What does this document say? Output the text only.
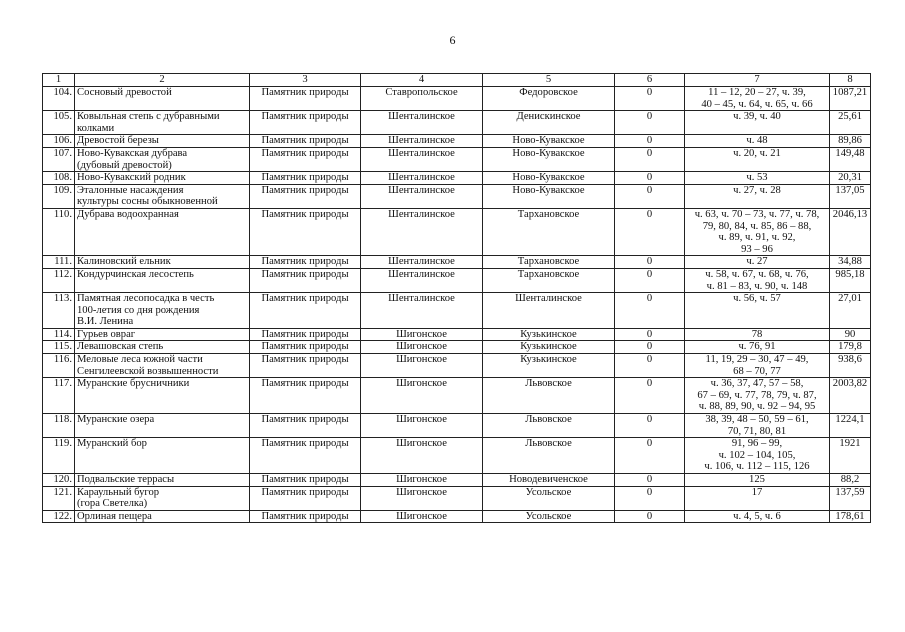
6
1	2	3	4	5	6	7	8
104.	Сосновый древостой	Памятник природы	Ставропольское	Федоровское	0	11 – 12, 20 – 27, ч. 39,
40 – 45, ч. 64, ч. 65, ч. 66	1087,21
105.	Ковыльная степь с дубравными
колками	Памятник природы	Шенталинское	Денискинское	0	ч. 39, ч. 40	25,61
106.	Древостой березы	Памятник природы	Шенталинское	Ново-Кувакское	0	ч. 48	89,86
107.	Ново-Кувакская дубрава
(дубовый древостой)	Памятник природы	Шенталинское	Ново-Кувакское	0	ч. 20, ч. 21	149,48
108.	Ново-Кувакский родник	Памятник природы	Шенталинское	Ново-Кувакское	0	ч. 53	20,31
109.	Эталонные насаждения
культуры сосны обыкновенной	Памятник природы	Шенталинское	Ново-Кувакское	0	ч. 27, ч. 28	137,05
110.	Дубрава водоохранная	Памятник природы	Шенталинское	Тархановское	0	ч. 63, ч. 70 – 73, ч. 77, ч. 78,
79, 80, 84, ч. 85, 86 – 88,
ч. 89, ч. 91, ч. 92,
93 – 96	2046,13
111.	Калиновский ельник	Памятник природы	Шенталинское	Тархановское	0	ч. 27	34,88
112.	Кондурчинская лесостепь	Памятник природы	Шенталинское	Тархановское	0	ч. 58, ч. 67, ч. 68, ч. 76,
ч. 81 – 83, ч. 90, ч. 148	985,18
113.	Памятная лесопосадка в честь
100-летия со дня рождения
В.И. Ленина	Памятник природы	Шенталинское	Шенталинское	0	ч. 56, ч. 57	27,01
114.	Гурьев овраг	Памятник природы	Шигонское	Кузькинское	0	78	90
115.	Левашовская степь	Памятник природы	Шигонское	Кузькинское	0	ч. 76, 91	179,8
116.	Меловые леса южной части
Сенгилеевской возвышенности	Памятник природы	Шигонское	Кузькинское	0	11, 19, 29 – 30, 47 – 49,
68 – 70, 77	938,6
117.	Муранские брусничники	Памятник природы	Шигонское	Львовское	0	ч. 36, 37, 47, 57 – 58,
67 – 69, ч. 77, 78, 79, ч. 87,
ч. 88, 89, 90, ч. 92 – 94, 95	2003,82
118.	Муранские озера	Памятник природы	Шигонское	Львовское	0	38, 39, 48 – 50, 59 – 61,
70, 71, 80, 81	1224,1
119.	Муранский бор	Памятник природы	Шигонское	Львовское	0	91, 96 – 99,
ч. 102 – 104, 105,
ч. 106, ч. 112 – 115, 126	1921
120.	Подвальские террасы	Памятник природы	Шигонское	Новодевиченское	0	125	88,2
121.	Караульный бугор
(гора Светелка)	Памятник природы	Шигонское	Усольское	0	17	137,59
122.	Орлиная пещера	Памятник природы	Шигонское	Усольское	0	ч. 4, 5, ч. 6	178,61
